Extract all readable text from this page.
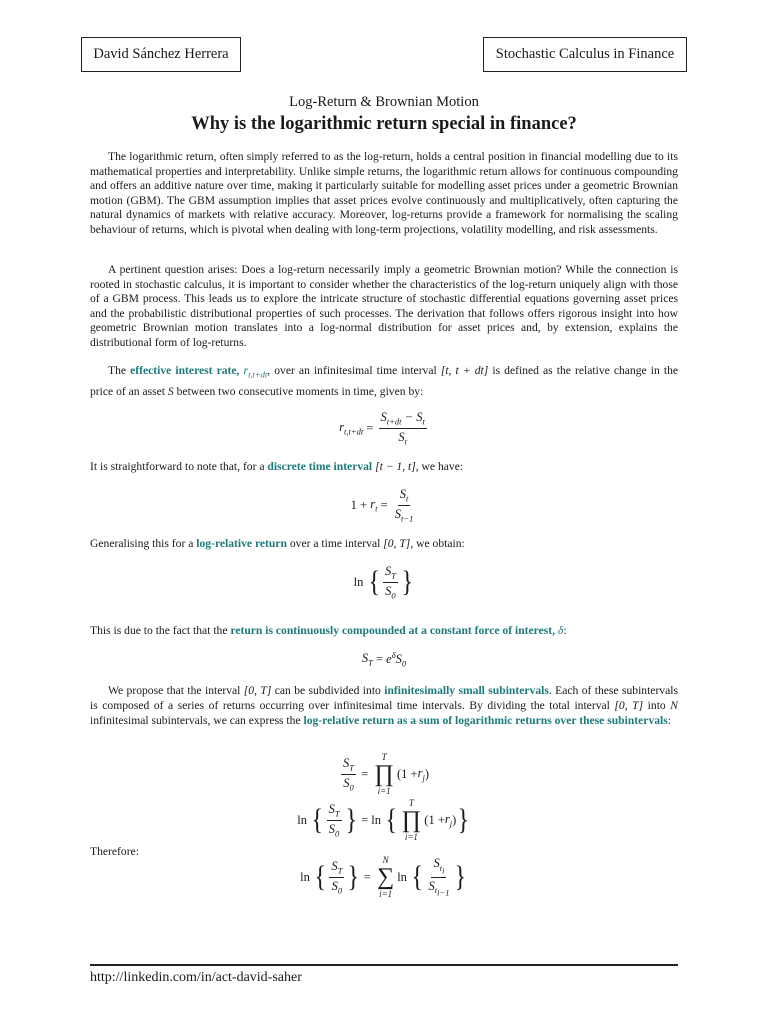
David Sánchez Herrera	Stochastic Calculus in Finance
Log-Return & Brownian Motion
Why is the logarithmic return special in finance?

The logarithmic return, often simply referred to as the log-return, holds a central position in financial modelling due to its mathematical properties and interpretability. Unlike simple returns, the logarithmic return allows for continuous compounding and offers an additive nature over time, making it particularly suitable for modelling asset prices under a geometric Brownian motion (GBM). The GBM assumption implies that asset prices evolve continuously and multiplicatively, often capturing the natural dynamics of markets with relative accuracy. Moreover, log-returns provide a framework for normalising the scaling behaviour of returns, which is pivotal when dealing with long-term projections, volatility modelling, and risk assessments.

A pertinent question arises: Does a log-return necessarily imply a geometric Brownian motion? While the connection is rooted in stochastic calculus, it is important to consider whether the characteristics of the log-return uniquely align with those of a GBM process. This leads us to explore the intricate structure of stochastic differential equations governing asset prices and the probabilistic distributional properties of such processes. The derivation that follows offers rigorous insight into how geometric Brownian motion translates into a log-normal distribution for asset prices and, by extension, explains the distributional form of log-returns.

The effective interest rate, $r_{t,t+dt}$, over an infinitesimal time interval [t, t + dt] is defined as the relative change in the price of an asset S between two consecutive moments in time, given by:

$r_{t,t+dt} = \frac{S_{t+dt} - S_t}{S_t}$

It is straightforward to note that, for a discrete time interval [t − 1, t], we have:

$1 + r_t = \frac{S_t}{S_{t-1}}$

Generalising this for a log-relative return over a time interval [0, T], we obtain:

ln { $\frac{S_T}{S_0}$ }

This is due to the fact that the return is continuously compounded at a constant force of interest, δ:

$S_T = e^\delta S_0$

We propose that the interval [0, T] can be subdivided into infinitesimally small subintervals. Each of these subintervals is composed of a series of returns occurring over infinitesimal time intervals. By dividing the total interval [0, T] into N infinitesimal subintervals, we can express the log-relative return as a sum of logarithmic returns over these subintervals:

$\frac{S_T}{S_0}$ =
T
∏
i=1
($1 + r_j$ )
ln { $\frac{S_T}{S_0}$ } = ln { T
∏
i=1
($1 + r_j$ ) }

Therefore:

ln { $\frac{S_T}{S_0}$ } =
N
∑
i=1
ln { $\frac{S_{t_i}}{S_{t_{i-1}}}$ }
http://linkedin.com/in/act-david-saher
